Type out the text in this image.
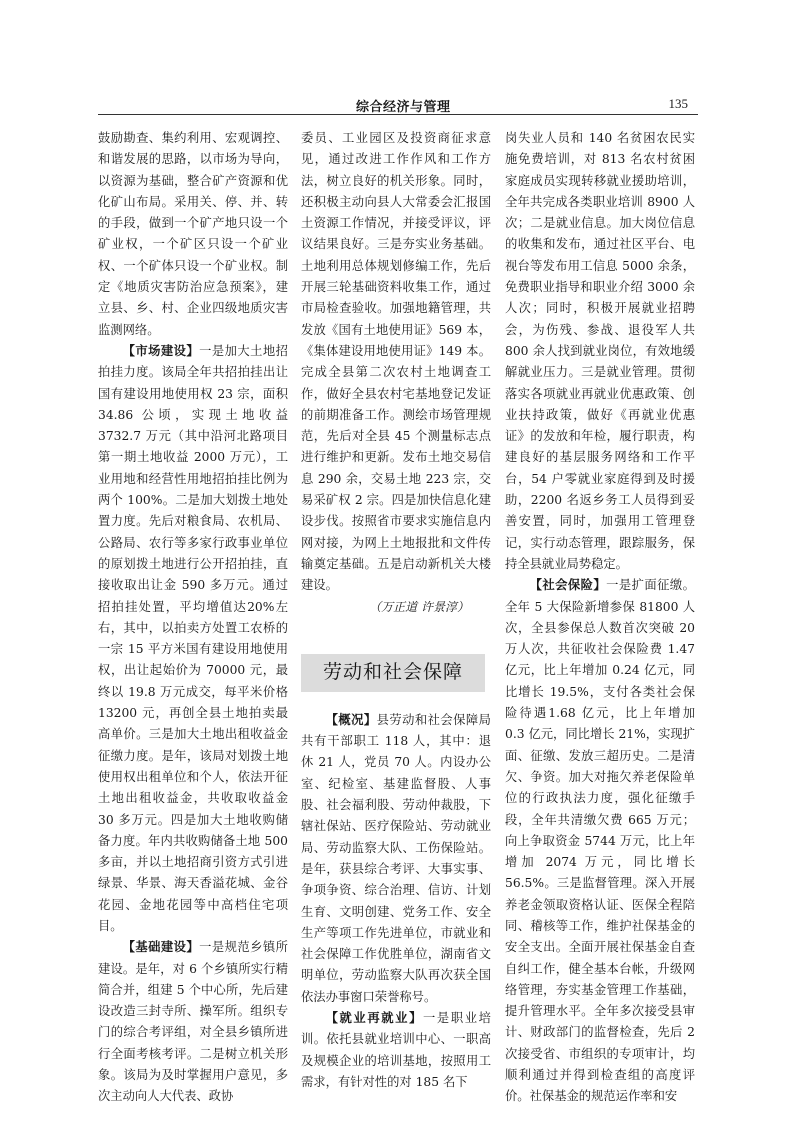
综合经济与管理	135

鼓励勘查、集约利用、宏观调控、和谐发展的思路，以市场为导向，以资源为基础，整合矿产资源和优化矿山布局。采用关、停、并、转的手段，做到一个矿产地只设一个矿业权，一个矿区只设一个矿业权、一个矿体只设一个矿业权。制定《地质灾害防治应急预案》，建立县、乡、村、企业四级地质灾害监测网络。

【市场建设】一是加大土地招拍挂力度。该局全年共招拍挂出让国有建设用地使用权 23 宗，面积34.86 公顷，实现土地收益3732.7 万元（其中沿河北路项目第一期土地收益 2000 万元），工业用地和经营性用地招拍挂比例为两个 100%。二是加大划拨土地处置力度。先后对粮食局、农机局、公路局、农行等多家行政事业单位的原划拨土地进行公开招拍挂，直接收取出让金 590 多万元。通过招拍挂处置，平均增值达20%左右，其中，以拍卖方处置工农桥的一宗 15 平方米国有建设用地使用权，出让起始价为 70000 元，最终以 19.8 万元成交，每平米价格 13200 元，再创全县土地拍卖最高单价。三是加大土地出租收益金征缴力度。是年，该局对划拨土地使用权出租单位和个人，依法开征土地出租收益金，共收取收益金 30 多万元。四是加大土地收购储备力度。年内共收购储备土地 500 多亩，并以土地招商引资方式引进绿景、华景、海天香溢花城、金谷花园、金地花园等中高档住宅项目。

【基础建设】一是规范乡镇所建设。是年，对 6 个乡镇所实行精简合并，组建 5 个中心所，先后建设改造三封寺所、操军所。组织专门的综合考评组，对全县乡镇所进行全面考核考评。二是树立机关形象。该局为及时掌握用户意见，多次主动向人大代表、政协

委员、工业园区及投资商征求意见，通过改进工作作风和工作方法，树立良好的机关形象。同时，还积极主动向县人大常委会汇报国土资源工作情况，并接受评议，评议结果良好。三是夯实业务基础。土地利用总体规划修编工作，先后开展三轮基础资料收集工作，通过市局检查验收。加强地籍管理，共发放《国有土地使用证》569 本，《集体建设用地使用证》149 本。完成全县第二次农村土地调查工作，做好全县农村宅基地登记发证的前期准备工作。测绘市场管理规范，先后对全县 45 个测量标志点进行维护和更新。发布土地交易信息 290 余，交易土地 223 宗，交易采矿权 2 宗。四是加快信息化建设步伐。按照省市要求实施信息内网对接，为网上土地报批和文件传输奠定基础。五是启动新机关大楼建设。

（万正道 许景淳）
劳动和社会保障

【概况】县劳动和社会保障局共有干部职工 118 人，其中：退休 21 人，党员 70 人。内设办公室、纪检室、基建监督股、人事股、社会福利股、劳动仲裁股，下辖社保站、医疗保险站、劳动就业局、劳动监察大队、工伤保险站。是年，获县综合考评、大事实事、争项争资、综合治理、信访、计划生育、文明创建、党务工作、安全生产等项工作先进单位，市就业和社会保障工作优胜单位，湖南省文明单位，劳动监察大队再次获全国依法办事窗口荣誉称号。

【就业再就业】一是职业培训。依托县就业培训中心、一职高及规模企业的培训基地，按照用工需求，有针对性的对 185 名下

岗失业人员和 140 名贫困农民实施免费培训，对 813 名农村贫困家庭成员实现转移就业援助培训，全年共完成各类职业培训 8900 人次；二是就业信息。加大岗位信息的收集和发布，通过社区平台、电视台等发布用工信息 5000 余条，免费职业指导和职业介绍 3000 余人次；同时，积极开展就业招聘会，为伤残、参战、退役军人共 800 余人找到就业岗位，有效地缓解就业压力。三是就业管理。贯彻落实各项就业再就业优惠政策、创业扶持政策，做好《再就业优惠证》的发放和年检，履行职责，构建良好的基层服务网络和工作平台，54 户零就业家庭得到及时援助，2200 名返乡务工人员得到妥善安置，同时，加强用工管理登记，实行动态管理，跟踪服务，保持全县就业局势稳定。

【社会保险】一是扩面征缴。全年 5 大保险新增参保 81800 人次，全县参保总人数首次突破 20 万人次，共征收社会保险费 1.47 亿元，比上年增加 0.24 亿元，同比增长 19.5%，支付各类社会保险待遇1.68 亿元，比上年增加 0.3 亿元，同比增长 21%，实现扩面、征缴、发放三超历史。二是清欠、争资。加大对拖欠养老保险单位的行政执法力度，强化征缴手段，全年共清缴欠费 665 万元；向上争取资金 5744 万元，比上年增加 2074 万元，同比增长 56.5%。三是监督管理。深入开展养老金领取资格认证、医保全程陪同、稽核等工作，维护社保基金的安全支出。全面开展社保基金自查自纠工作，健全基本台帐，升级网络管理，夯实基金管理工作基础，提升管理水平。全年多次接受县审计、财政部门的监督检查，先后 2 次接受省、市组织的专项审计，均顺利通过并得到检查组的高度评价。社保基金的规范运作率和安
